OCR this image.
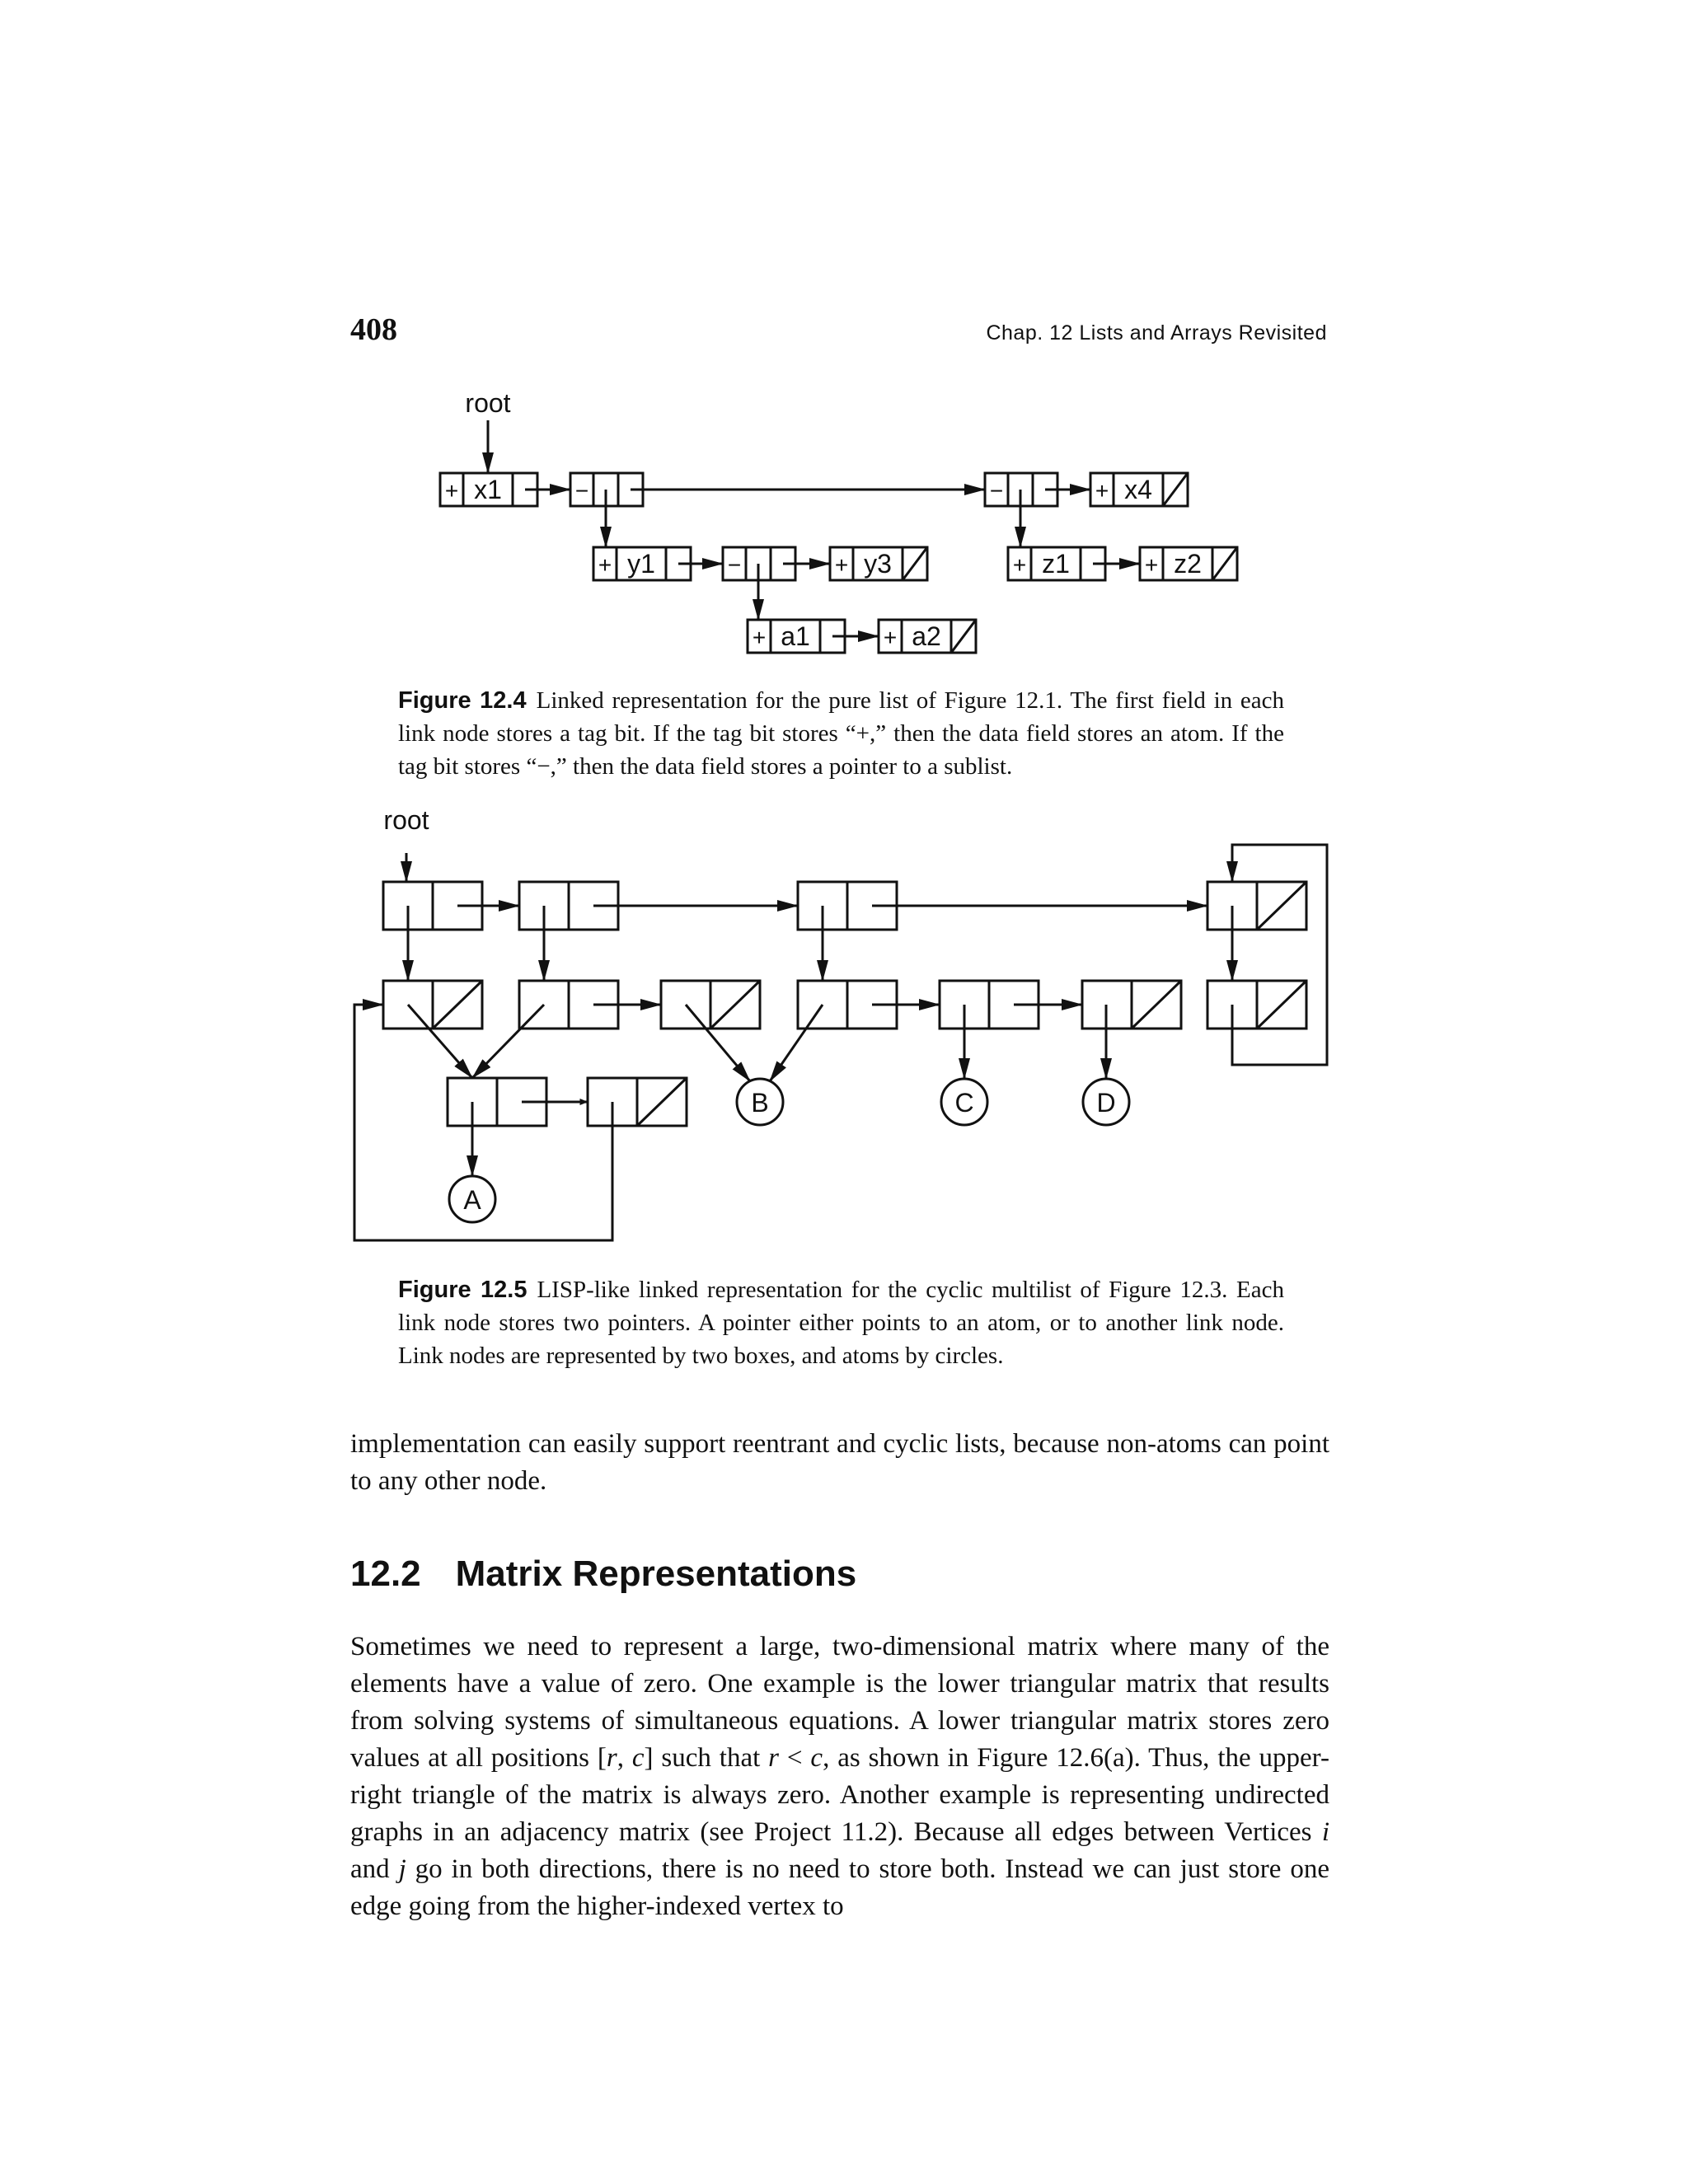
408	Chap. 12 Lists and Arrays Revisited
root
+ x1	−	−	+ x4
+ y1	−	+ y3	+ z1	+ z2
+ a1	+ a2
root
B	C	D
A
Figure 12.4 Linked representation for the pure list of Figure 12.1. The first field in each link node stores a tag bit. If the tag bit stores “+,” then the data field stores an atom. If the tag bit stores “−,” then the data field stores a pointer to a sublist.
Figure 12.5 LISP-like linked representation for the cyclic multilist of Figure 12.3. Each link node stores two pointers. A pointer either points to an atom, or to another link node. Link nodes are represented by two boxes, and atoms by circles.
implementation can easily support reentrant and cyclic lists, because non-atoms can point to any other node.
12.2 Matrix Representations
Sometimes we need to represent a large, two-dimensional matrix where many of the elements have a value of zero. One example is the lower triangular matrix that results from solving systems of simultaneous equations. A lower triangular matrix stores zero values at all positions [r, c] such that r < c, as shown in Figure 12.6(a). Thus, the upper-right triangle of the matrix is always zero. Another example is representing undirected graphs in an adjacency matrix (see Project 11.2). Because all edges between Vertices i and j go in both directions, there is no need to store both. Instead we can just store one edge going from the higher-indexed vertex to
